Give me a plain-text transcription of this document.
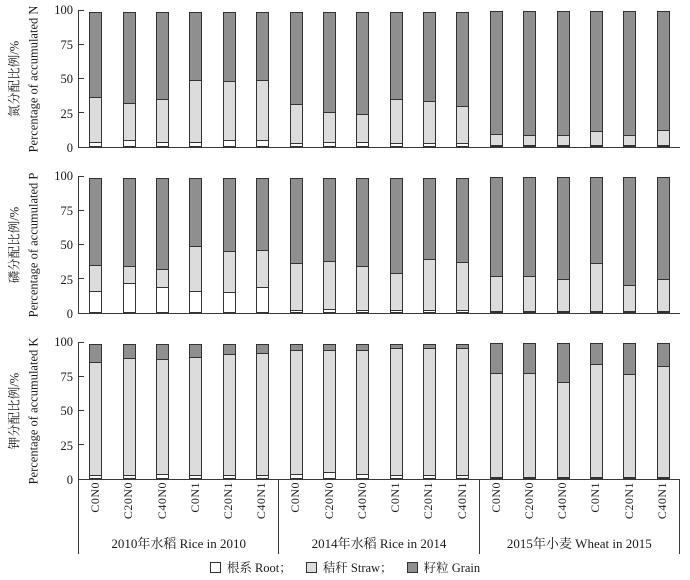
氮分配比例/% Percentage of accumulated N	0
25
50
75
100
磷分配比例/% Percentage of accumulated P	0
25
50
75
100
钾分配比例/% Percentage of accumulated K	0
25
50
75
100
C0N0 C20N0 C40N0 C0N1 C20N1 C40N1
2010年水稻 Rice in 2010
C0N0 C20N0 C40N0 C0N1 C20N1 C40N1
2014年水稻 Rice in 2014
C0N0 C20N0 C40N0 C0N1 C20N1 C40N1
2015年小麦 Wheat in 2015
根系 Root； 秸秆 Straw； 籽粒 Grain
